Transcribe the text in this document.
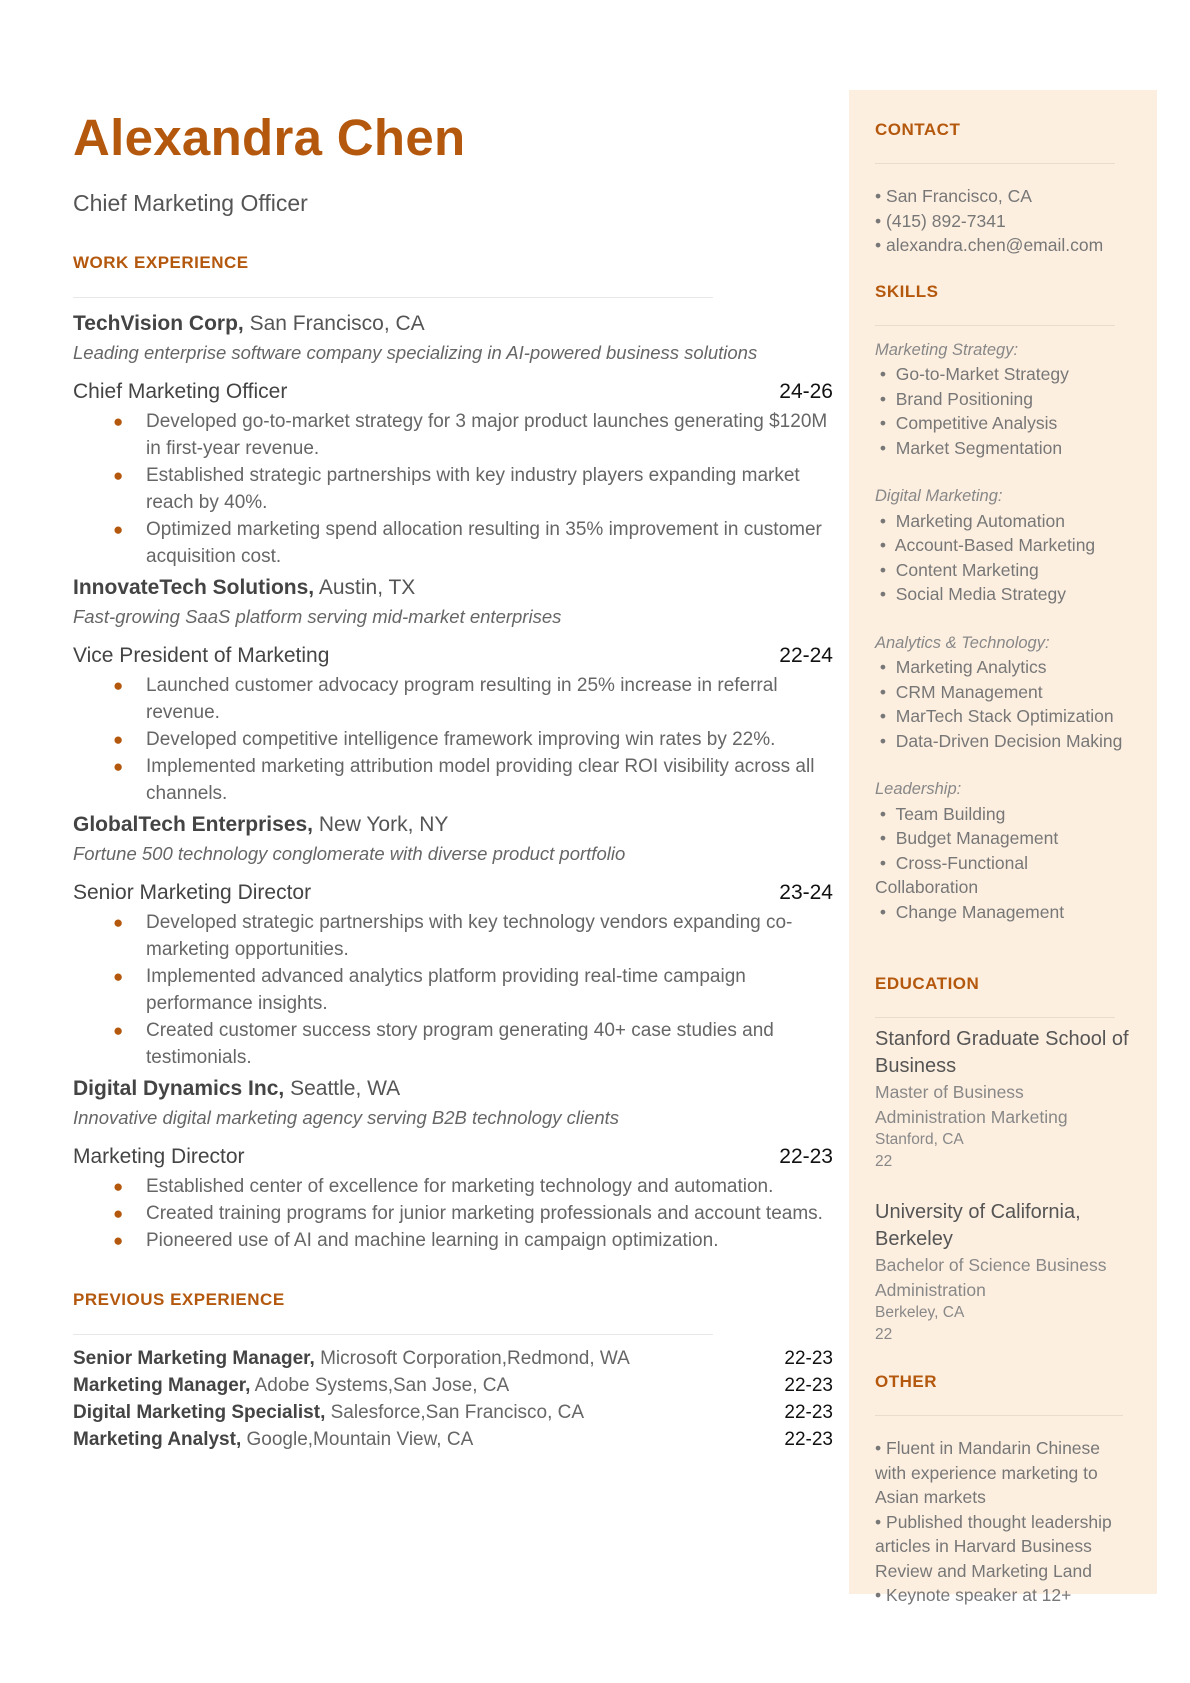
Alexandra Chen
Chief Marketing Officer
WORK EXPERIENCE
TechVision Corp, San Francisco, CA
Leading enterprise software company specializing in AI-powered business solutions
Chief Marketing Officer	24-26
● Developed go-to-market strategy for 3 major product launches generating $120M in first-year revenue.
● Established strategic partnerships with key industry players expanding market reach by 40%.
● Optimized marketing spend allocation resulting in 35% improvement in customer acquisition cost.
InnovateTech Solutions, Austin, TX
Fast-growing SaaS platform serving mid-market enterprises
Vice President of Marketing	22-24
● Launched customer advocacy program resulting in 25% increase in referral revenue.
● Developed competitive intelligence framework improving win rates by 22%.
● Implemented marketing attribution model providing clear ROI visibility across all channels.
GlobalTech Enterprises, New York, NY
Fortune 500 technology conglomerate with diverse product portfolio
Senior Marketing Director	23-24
● Developed strategic partnerships with key technology vendors expanding co-marketing opportunities.
● Implemented advanced analytics platform providing real-time campaign performance insights.
● Created customer success story program generating 40+ case studies and testimonials.
Digital Dynamics Inc, Seattle, WA
Innovative digital marketing agency serving B2B technology clients
Marketing Director	22-23
● Established center of excellence for marketing technology and automation.
● Created training programs for junior marketing professionals and account teams.
● Pioneered use of AI and machine learning in campaign optimization.
PREVIOUS EXPERIENCE
Senior Marketing Manager, Microsoft Corporation,Redmond, WA	22-23
Marketing Manager, Adobe Systems,San Jose, CA	22-23
Digital Marketing Specialist, Salesforce,San Francisco, CA	22-23
Marketing Analyst, Google,Mountain View, CA	22-23
CONTACT
• San Francisco, CA
• (415) 892-7341
• alexandra.chen@email.com
SKILLS
Marketing Strategy:
• Go-to-Market Strategy
• Brand Positioning
• Competitive Analysis
• Market Segmentation
Digital Marketing:
• Marketing Automation
• Account-Based Marketing
• Content Marketing
• Social Media Strategy
Analytics & Technology:
• Marketing Analytics
• CRM Management
• MarTech Stack Optimization
• Data-Driven Decision Making
Leadership:
• Team Building
• Budget Management
• Cross-Functional Collaboration
• Change Management
EDUCATION
Stanford Graduate School of Business
Master of Business Administration Marketing
Stanford, CA
22
University of California, Berkeley
Bachelor of Science Business Administration
Berkeley, CA
22
OTHER
• Fluent in Mandarin Chinese with experience marketing to Asian markets
• Published thought leadership articles in Harvard Business Review and Marketing Land
• Keynote speaker at 12+
